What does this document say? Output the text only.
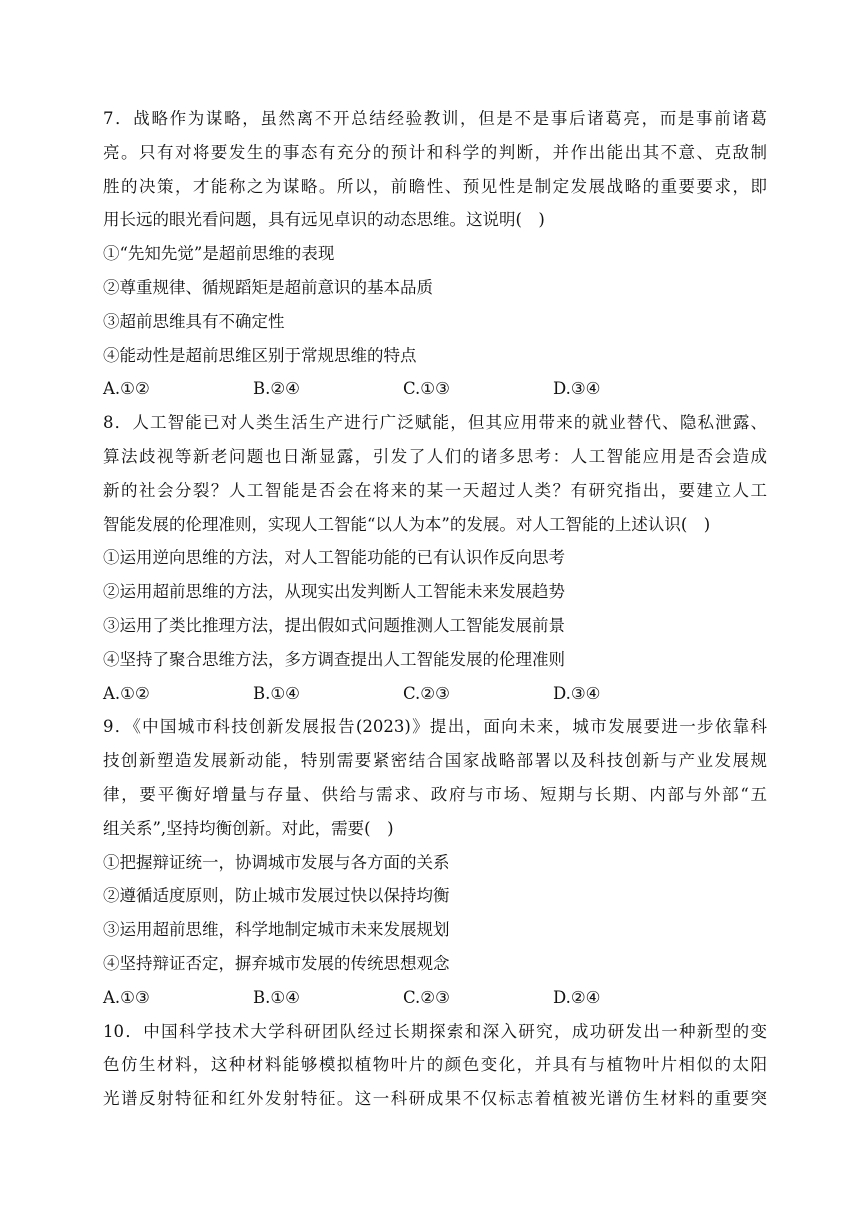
7．战略作为谋略，虽然离不开总结经验教训，但是不是事后诸葛亮，而是事前诸葛
亮。只有对将要发生的事态有充分的预计和科学的判断，并作出能出其不意、克敌制
胜的决策，才能称之为谋略。所以，前瞻性、预见性是制定发展战略的重要要求，即
用长远的眼光看问题，具有远见卓识的动态思维。这说明(　)
①“先知先觉”是超前思维的表现
②尊重规律、循规蹈矩是超前意识的基本品质
③超前思维具有不确定性
④能动性是超前思维区别于常规思维的特点
A.①②	B.②④	C.①③	D.③④
8．人工智能已对人类生活生产进行广泛赋能，但其应用带来的就业替代、隐私泄露、
算法歧视等新老问题也日渐显露，引发了人们的诸多思考：人工智能应用是否会造成
新的社会分裂？人工智能是否会在将来的某一天超过人类？有研究指出，要建立人工
智能发展的伦理准则，实现人工智能“以人为本”的发展。对人工智能的上述认识(　)
①运用逆向思维的方法，对人工智能功能的已有认识作反向思考
②运用超前思维的方法，从现实出发判断人工智能未来发展趋势
③运用了类比推理方法，提出假如式问题推测人工智能发展前景
④坚持了聚合思维方法，多方调查提出人工智能发展的伦理准则
A.①②	B.①④	C.②③	D.③④
9．《中国城市科技创新发展报告(2023)》提出，面向未来，城市发展要进一步依靠科
技创新塑造发展新动能，特别需要紧密结合国家战略部署以及科技创新与产业发展规
律，要平衡好增量与存量、供给与需求、政府与市场、短期与长期、内部与外部“五
组关系”,坚持均衡创新。对此，需要(　)
①把握辩证统一，协调城市发展与各方面的关系
②遵循适度原则，防止城市发展过快以保持均衡
③运用超前思维，科学地制定城市未来发展规划
④坚持辩证否定，摒弃城市发展的传统思想观念
A.①③	B.①④	C.②③	D.②④
10．中国科学技术大学科研团队经过长期探索和深入研究，成功研发出一种新型的变
色仿生材料，这种材料能够模拟植物叶片的颜色变化，并具有与植物叶片相似的太阳
光谱反射特征和红外发射特征。这一科研成果不仅标志着植被光谱仿生材料的重要突
